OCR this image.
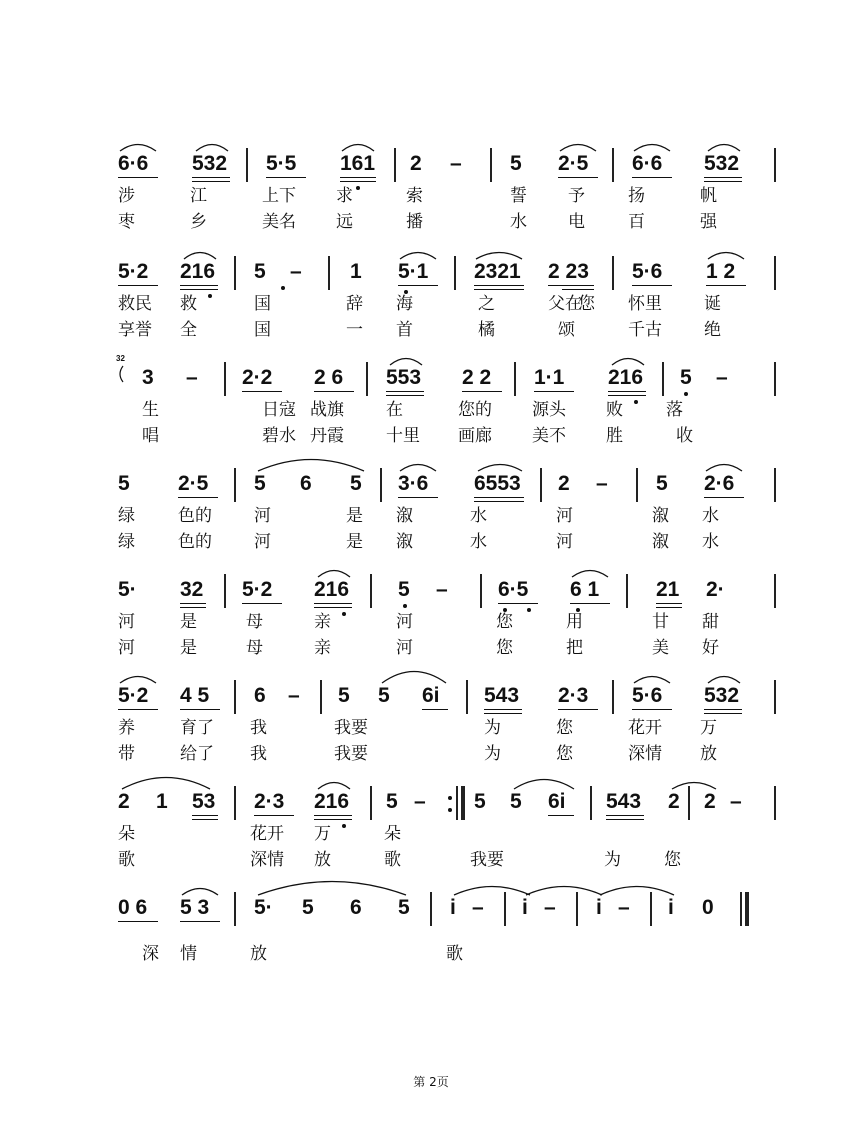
6·6 532 5·5 161 2 – 5 2·5 6·6 532
涉	江	上下 求	索	誓 予	扬	帆
枣	乡	美名 远	播	水 电	百	强
5·2 216 5 – 1 5·1 2321 2 23 5·6 1 2
救民 救	国	辞 海	之	父在
您 怀里 诞
享誉 全	国	一 首	橘	颂	千古 绝
32
3 – 2·2 2 6 553 2 2 1·1 216 5 –
生	日寇 战旗 在	您的 源头 败	落
唱	碧水 丹霞 十里 画廊 美不 胜	收
5 2·5 5 6 5 3·6 6553 2 – 5 2·6
绿	色的 河	是 溆	水	河	溆 水
绿	色的 河	是 溆	水	河	溆 水
5· 32 5·2 216 5 – 6·5 6 1	21 2·
河	是	母	亲	河	您	用	甘 甜
河	是	母	亲	河	您	把	美 好
5·2 4 5 6 – 5 5 6i 543 2·3 5·6 532
养	育了 我	我要	为	您	花开 万
带	给了 我	我要	为	您	深情 放
2 1 53 2·3 216 5 – 5 5 6i 543 2 2 –
朵	花开 万	朵
歌	深情 放	歌	我要	为	您
0 6 5 3 5· 5 6 5 i – i – i – i 0
深 情	放	歌
第 2页
